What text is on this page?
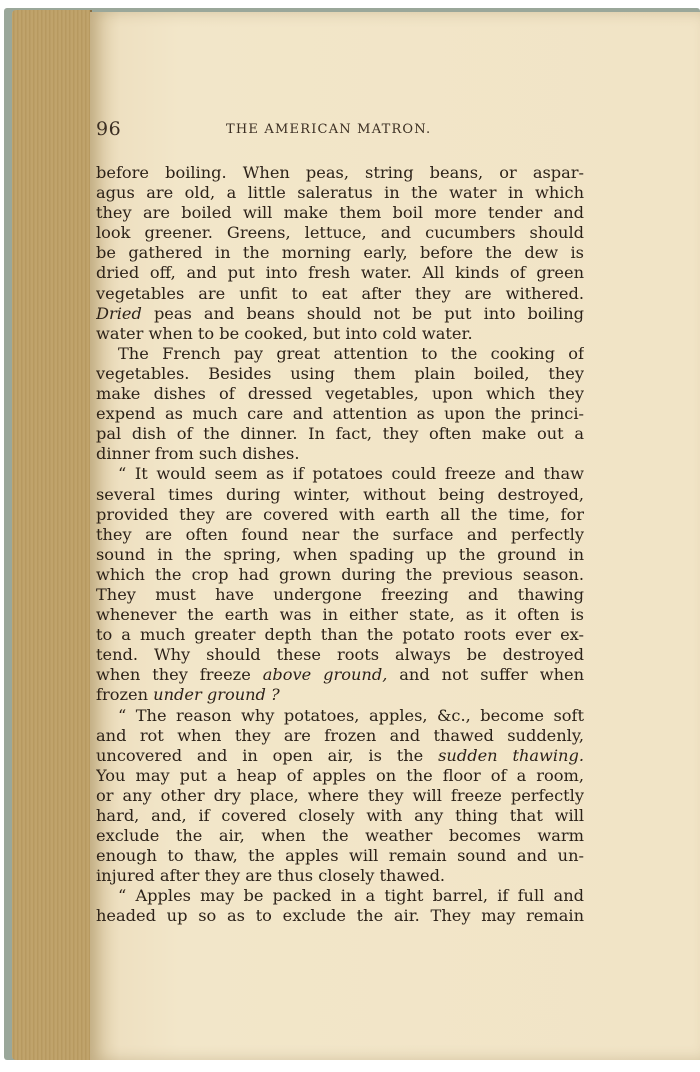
96	THE AMERICAN MATRON.
before boiling. When peas, string beans, or aspar-
agus are old, a little saleratus in the water in which
they are boiled will make them boil more tender and
look greener. Greens, lettuce, and cucumbers should
be gathered in the morning early, before the dew is
dried off, and put into fresh water. All kinds of green
vegetables are unfit to eat after they are withered.
Dried peas and beans should not be put into boiling
water when to be cooked, but into cold water.
The French pay great attention to the cooking of
vegetables. Besides using them plain boiled, they
make dishes of dressed vegetables, upon which they
expend as much care and attention as upon the princi-
pal dish of the dinner. In fact, they often make out a
dinner from such dishes.
“ It would seem as if potatoes could freeze and thaw
several times during winter, without being destroyed,
provided they are covered with earth all the time, for
they are often found near the surface and perfectly
sound in the spring, when spading up the ground in
which the crop had grown during the previous season.
They must have undergone freezing and thawing
whenever the earth was in either state, as it often is
to a much greater depth than the potato roots ever ex-
tend. Why should these roots always be destroyed
when they freeze above ground, and not suffer when
frozen under ground ?
“ The reason why potatoes, apples, &c., become soft
and rot when they are frozen and thawed suddenly,
uncovered and in open air, is the sudden thawing.
You may put a heap of apples on the floor of a room,
or any other dry place, where they will freeze perfectly
hard, and, if covered closely with any thing that will
exclude the air, when the weather becomes warm
enough to thaw, the apples will remain sound and un-
injured after they are thus closely thawed.
“ Apples may be packed in a tight barrel, if full and
headed up so as to exclude the air. They may remain
